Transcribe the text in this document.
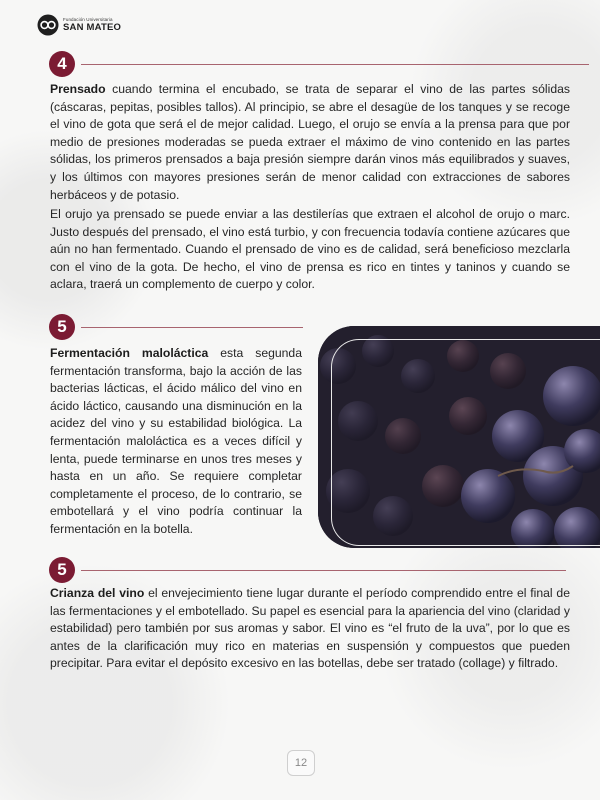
Fundación Universitaria
SAN MATEO
4

Prensado cuando termina el encubado, se trata de separar el vino de las partes sólidas (cáscaras, pepitas, posibles tallos). Al principio, se abre el desagüe de los tanques y se recoge el vino de gota que será el de mejor calidad. Luego, el orujo se envía a la prensa para que por medio de presiones moderadas se pueda extraer el máximo de vino contenido en las partes sólidas, los primeros prensados a baja presión siempre darán vinos más equilibrados y suaves, y los últimos con mayores presiones serán de menor calidad con extracciones de sabores herbáceos y de potasio.

El orujo ya prensado se puede enviar a las destilerías que extraen el alcohol de orujo o marc. Justo después del prensado, el vino está turbio, y con frecuencia todavía contiene azúcares que aún no han fermentado. Cuando el prensado de vino es de calidad, será beneficioso mezclarla con el vino de la gota. De hecho, el vino de prensa es rico en tintes y taninos y cuando se aclara, traerá un complemento de cuerpo y color.

5

Fermentación maloláctica esta segunda fermentación transforma, bajo la acción de las bacterias lácticas, el ácido málico del vino en ácido láctico, causando una disminución en la acidez del vino y su estabilidad biológica. La fermentación maloláctica es a veces difícil y lenta, puede terminarse en unos tres meses y hasta en un año. Se requiere completar completamente el proceso, de lo contrario, se embotellará y el vino podría continuar la fermentación en la botella.

5

Crianza del vino el envejecimiento tiene lugar durante el período comprendido entre el final de las fermentaciones y el embotellado. Su papel es esencial para la apariencia del vino (claridad y estabilidad) pero también por sus aromas y sabor. El vino es “el fruto de la uva”, por lo que es antes de la clarificación muy rico en materias en suspensión y compuestos que pueden precipitar. Para evitar el depósito excesivo en las botellas, debe ser tratado (collage) y filtrado.

12
